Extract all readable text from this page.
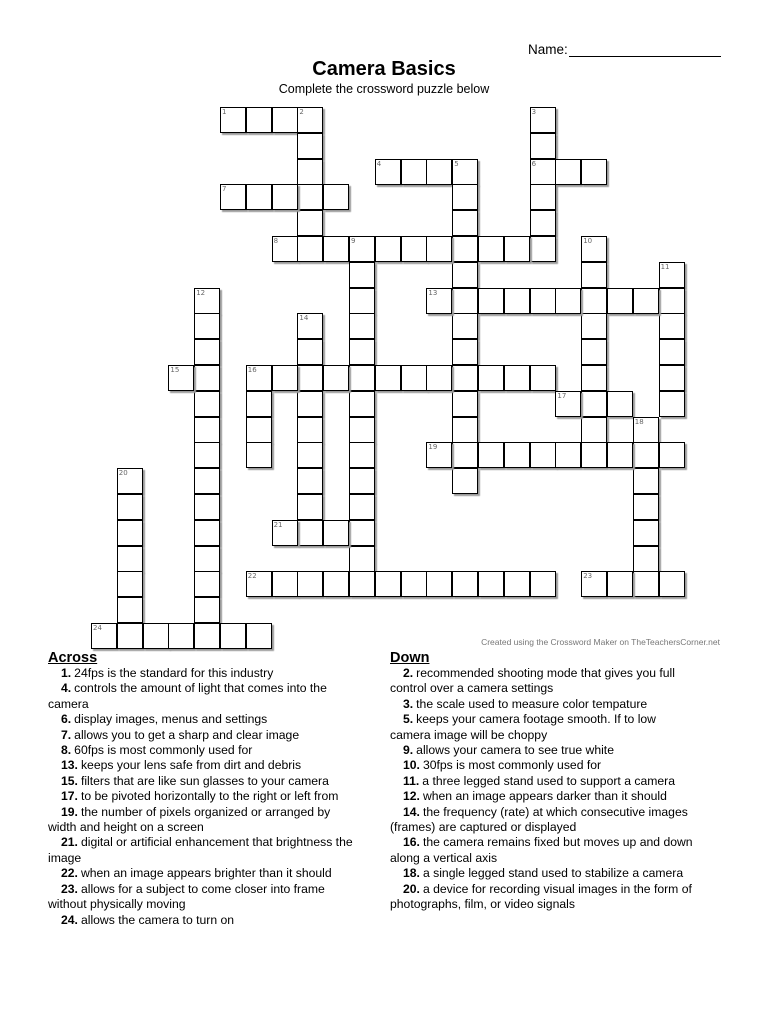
Name:
Camera Basics
Complete the crossword puzzle below
1	2	3
4	5	6
7
8	9	10
11
12	13
14
15	16
17
18
19
20
21
22	23
24
Created using the Crossword Maker on TheTeachersCorner.net
Across
1. 24fps is the standard for this industry
4. controls the amount of light that comes into the
camera
6. display images, menus and settings
7. allows you to get a sharp and clear image
8. 60fps is most commonly used for
13. keeps your lens safe from dirt and debris
15. filters that are like sun glasses to your camera
17. to be pivoted horizontally to the right or left from
19. the number of pixels organized or arranged by
width and height on a screen
21. digital or artificial enhancement that brightness the
image
22. when an image appears brighter than it should
23. allows for a subject to come closer into frame
without physically moving
24. allows the camera to turn on
Down
2. recommended shooting mode that gives you full
control over a camera settings
3. the scale used to measure color tempature
5. keeps your camera footage smooth. If to low
camera image will be choppy
9. allows your camera to see true white
10. 30fps is most commonly used for
11. a three legged stand used to support a camera
12. when an image appears darker than it should
14. the frequency (rate) at which consecutive images
(frames) are captured or displayed
16. the camera remains fixed but moves up and down
along a vertical axis
18. a single legged stand used to stabilize a camera
20. a device for recording visual images in the form of
photographs, film, or video signals
